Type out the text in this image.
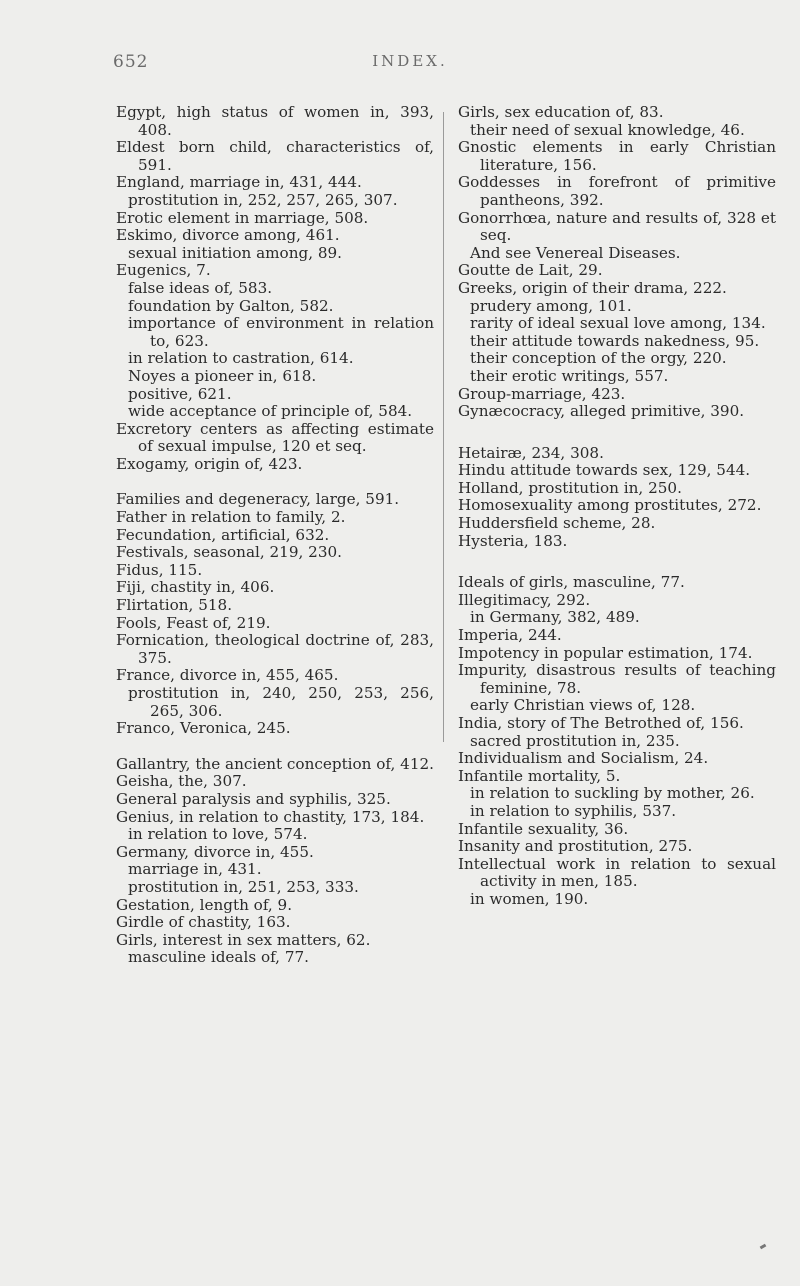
652	INDEX.

Egypt, high status of women in, 393, 408.

Eldest born child, characteristics of, 591.

England, marriage in, 431, 444.

prostitution in, 252, 257, 265, 307.

Erotic element in marriage, 508.

Eskimo, divorce among, 461.

sexual initiation among, 89.

Eugenics, 7.

false ideas of, 583.

foundation by Galton, 582.

importance of environment in relation to, 623.

in relation to castration, 614.

Noyes a pioneer in, 618.

positive, 621.

wide acceptance of principle of, 584.

Excretory centers as affecting estimate of sexual impulse, 120 et seq.

Exogamy, origin of, 423.

Families and degeneracy, large, 591.

Father in relation to family, 2.

Fecundation, artificial, 632.

Festivals, seasonal, 219, 230.

Fidus, 115.

Fiji, chastity in, 406.

Flirtation, 518.

Fools, Feast of, 219.

Fornication, theological doctrine of, 283, 375.

France, divorce in, 455, 465.

prostitution in, 240, 250, 253, 256, 265, 306.

Franco, Veronica, 245.

Gallantry, the ancient conception of, 412.

Geisha, the, 307.

General paralysis and syphilis, 325.

Genius, in relation to chastity, 173, 184.

in relation to love, 574.

Germany, divorce in, 455.

marriage in, 431.

prostitution in, 251, 253, 333.

Gestation, length of, 9.

Girdle of chastity, 163.

Girls, interest in sex matters, 62.

masculine ideals of, 77.

Girls, sex education of, 83.

their need of sexual knowledge, 46.

Gnostic elements in early Christian literature, 156.

Goddesses in forefront of primitive pantheons, 392.

Gonorrhœa, nature and results of, 328 et seq.

And see Venereal Diseases.

Goutte de Lait, 29.

Greeks, origin of their drama, 222.

prudery among, 101.

rarity of ideal sexual love among, 134.

their attitude towards nakedness, 95.

their conception of the orgy, 220.

their erotic writings, 557.

Group-marriage, 423.

Gynæcocracy, alleged primitive, 390.

Hetairæ, 234, 308.

Hindu attitude towards sex, 129, 544.

Holland, prostitution in, 250.

Homosexuality among prostitutes, 272.

Huddersfield scheme, 28.

Hysteria, 183.

Ideals of girls, masculine, 77.

Illegitimacy, 292.

in Germany, 382, 489.

Imperia, 244.

Impotency in popular estimation, 174.

Impurity, disastrous results of teaching feminine, 78.

early Christian views of, 128.

India, story of The Betrothed of, 156.

sacred prostitution in, 235.

Individualism and Socialism, 24.

Infantile mortality, 5.

in relation to suckling by mother, 26.

in relation to syphilis, 537.

Infantile sexuality, 36.

Insanity and prostitution, 275.

Intellectual work in relation to sexual activity in men, 185.

in women, 190.
